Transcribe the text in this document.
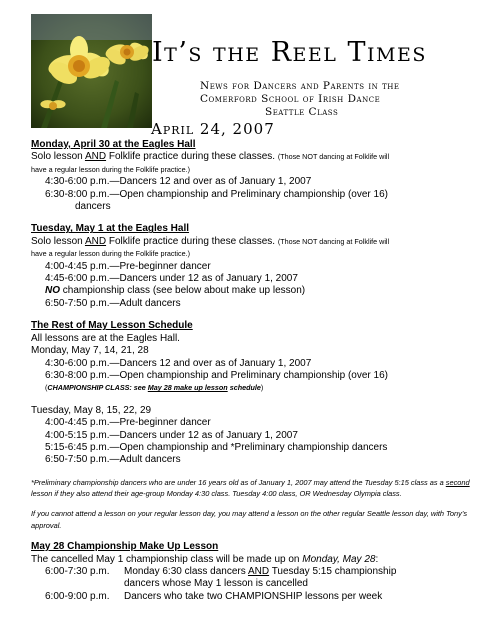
It’s the Reel Times
News for Dancers and Parents in the
Comerford School of Irish Dance
Seattle Class
April 24, 2007

Monday, April 30 at the Eagles Hall

Solo lesson AND Folklife practice during these classes. (Those NOT dancing at Folklife will

have a regular lesson during the Folklife practice.)

4:30-6:00 p.m.—Dancers 12 and over as of January 1, 2007

6:30-8:00 p.m.—Open championship and Preliminary championship (over 16)

dancers

Tuesday, May 1 at the Eagles Hall

Solo lesson AND Folklife practice during these classes. (Those NOT dancing at Folklife will

have a regular lesson during the Folklife practice.)

4:00-4:45 p.m.—Pre-beginner dancer

4:45-6:00 p.m.—Dancers under 12 as of January 1, 2007

NO championship class (see below about make up lesson)

6:50-7:50 p.m.—Adult dancers

The Rest of May Lesson Schedule

All lessons are at the Eagles Hall.

Monday, May 7, 14, 21, 28

4:30-6:00 p.m.—Dancers 12 and over as of January 1, 2007

6:30-8:00 p.m.—Open championship and Preliminary championship (over 16)

(CHAMPIONSHIP CLASS: see May 28 make up lesson schedule)

Tuesday, May 8, 15, 22, 29

4:00-4:45 p.m.—Pre-beginner dancer

4:00-5:15 p.m.—Dancers under 12 as of January 1, 2007

5:15-6:45 p.m.—Open championship and *Preliminary championship dancers

6:50-7:50 p.m.—Adult dancers

*Preliminary championship dancers who are under 16 years old as of January 1, 2007 may attend the Tuesday 5:15 class as a second lesson if they also attend their age-group Monday 4:30 class. Tuesday 4:00 class, OR Wednesday Olympia class.

If you cannot attend a lesson on your regular lesson day, you may attend a lesson on the other regular Seattle lesson day, with Tony’s approval.

May 28 Championship Make Up Lesson

The cancelled May 1 championship class will be made up on Monday, May 28:

6:00-7:30 p.m. Monday 6:30 class dancers AND Tuesday 5:15 championship

dancers whose May 1 lesson is cancelled

6:00-9:00 p.m. Dancers who take two CHAMPIONSHIP lessons per week
